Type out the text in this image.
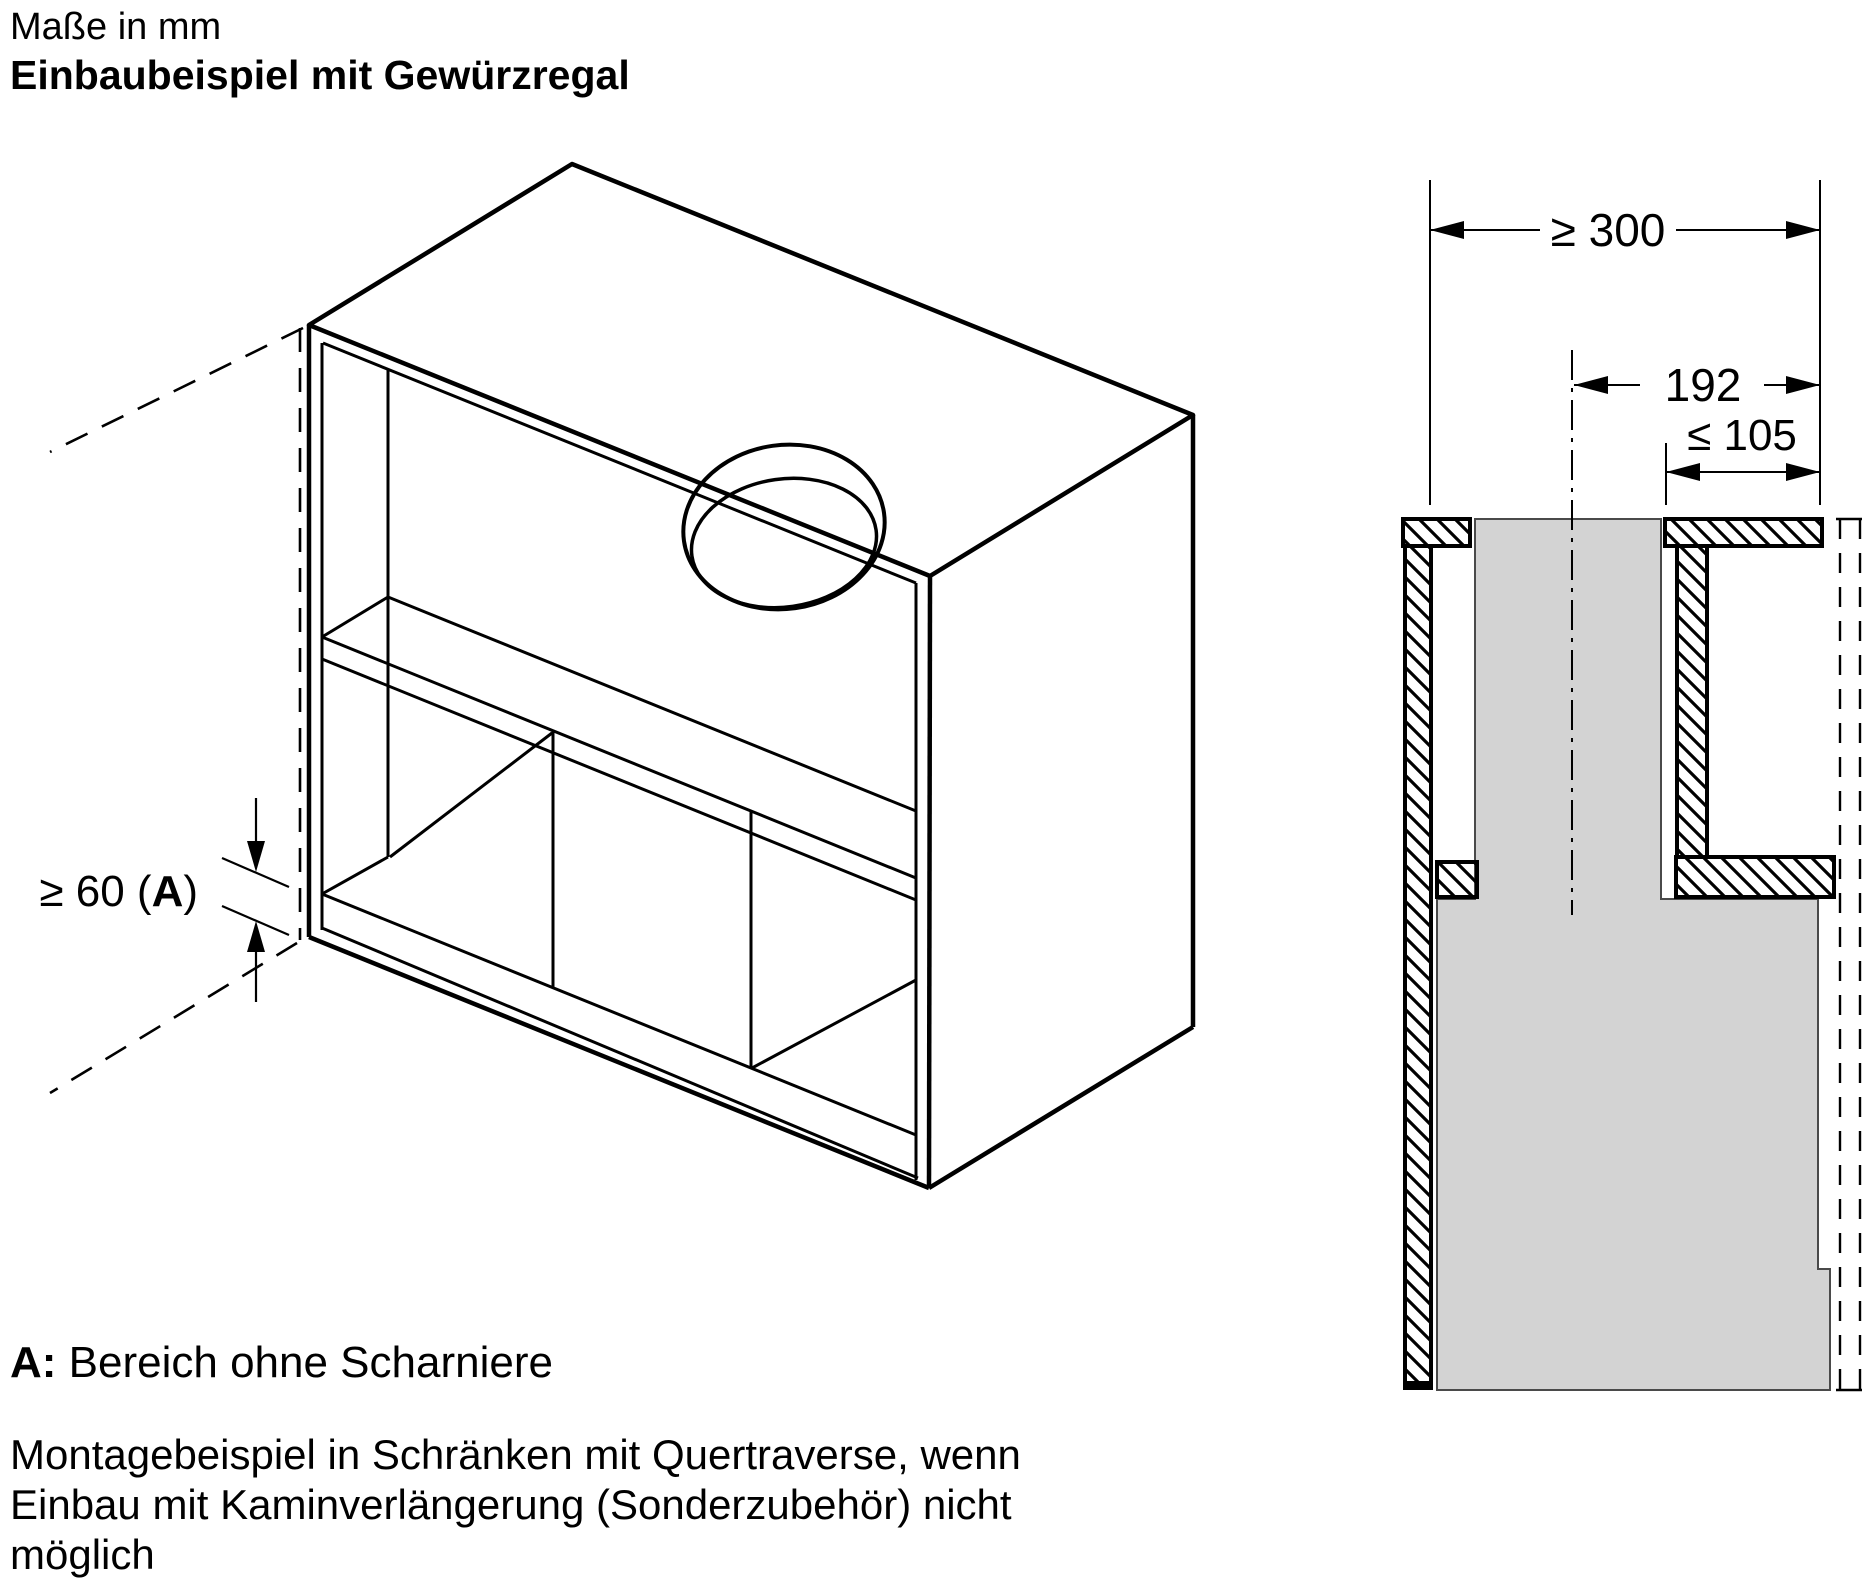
Maße in mm
Einbaubeispiel mit Gewürzregal
≥ 60 (A)
≥ 300
192
≤ 105
A: Bereich ohne Scharniere
Montagebeispiel in Schränken mit Quertraverse, wenn
Einbau mit Kaminverlängerung (Sonderzubehör) nicht
möglich
